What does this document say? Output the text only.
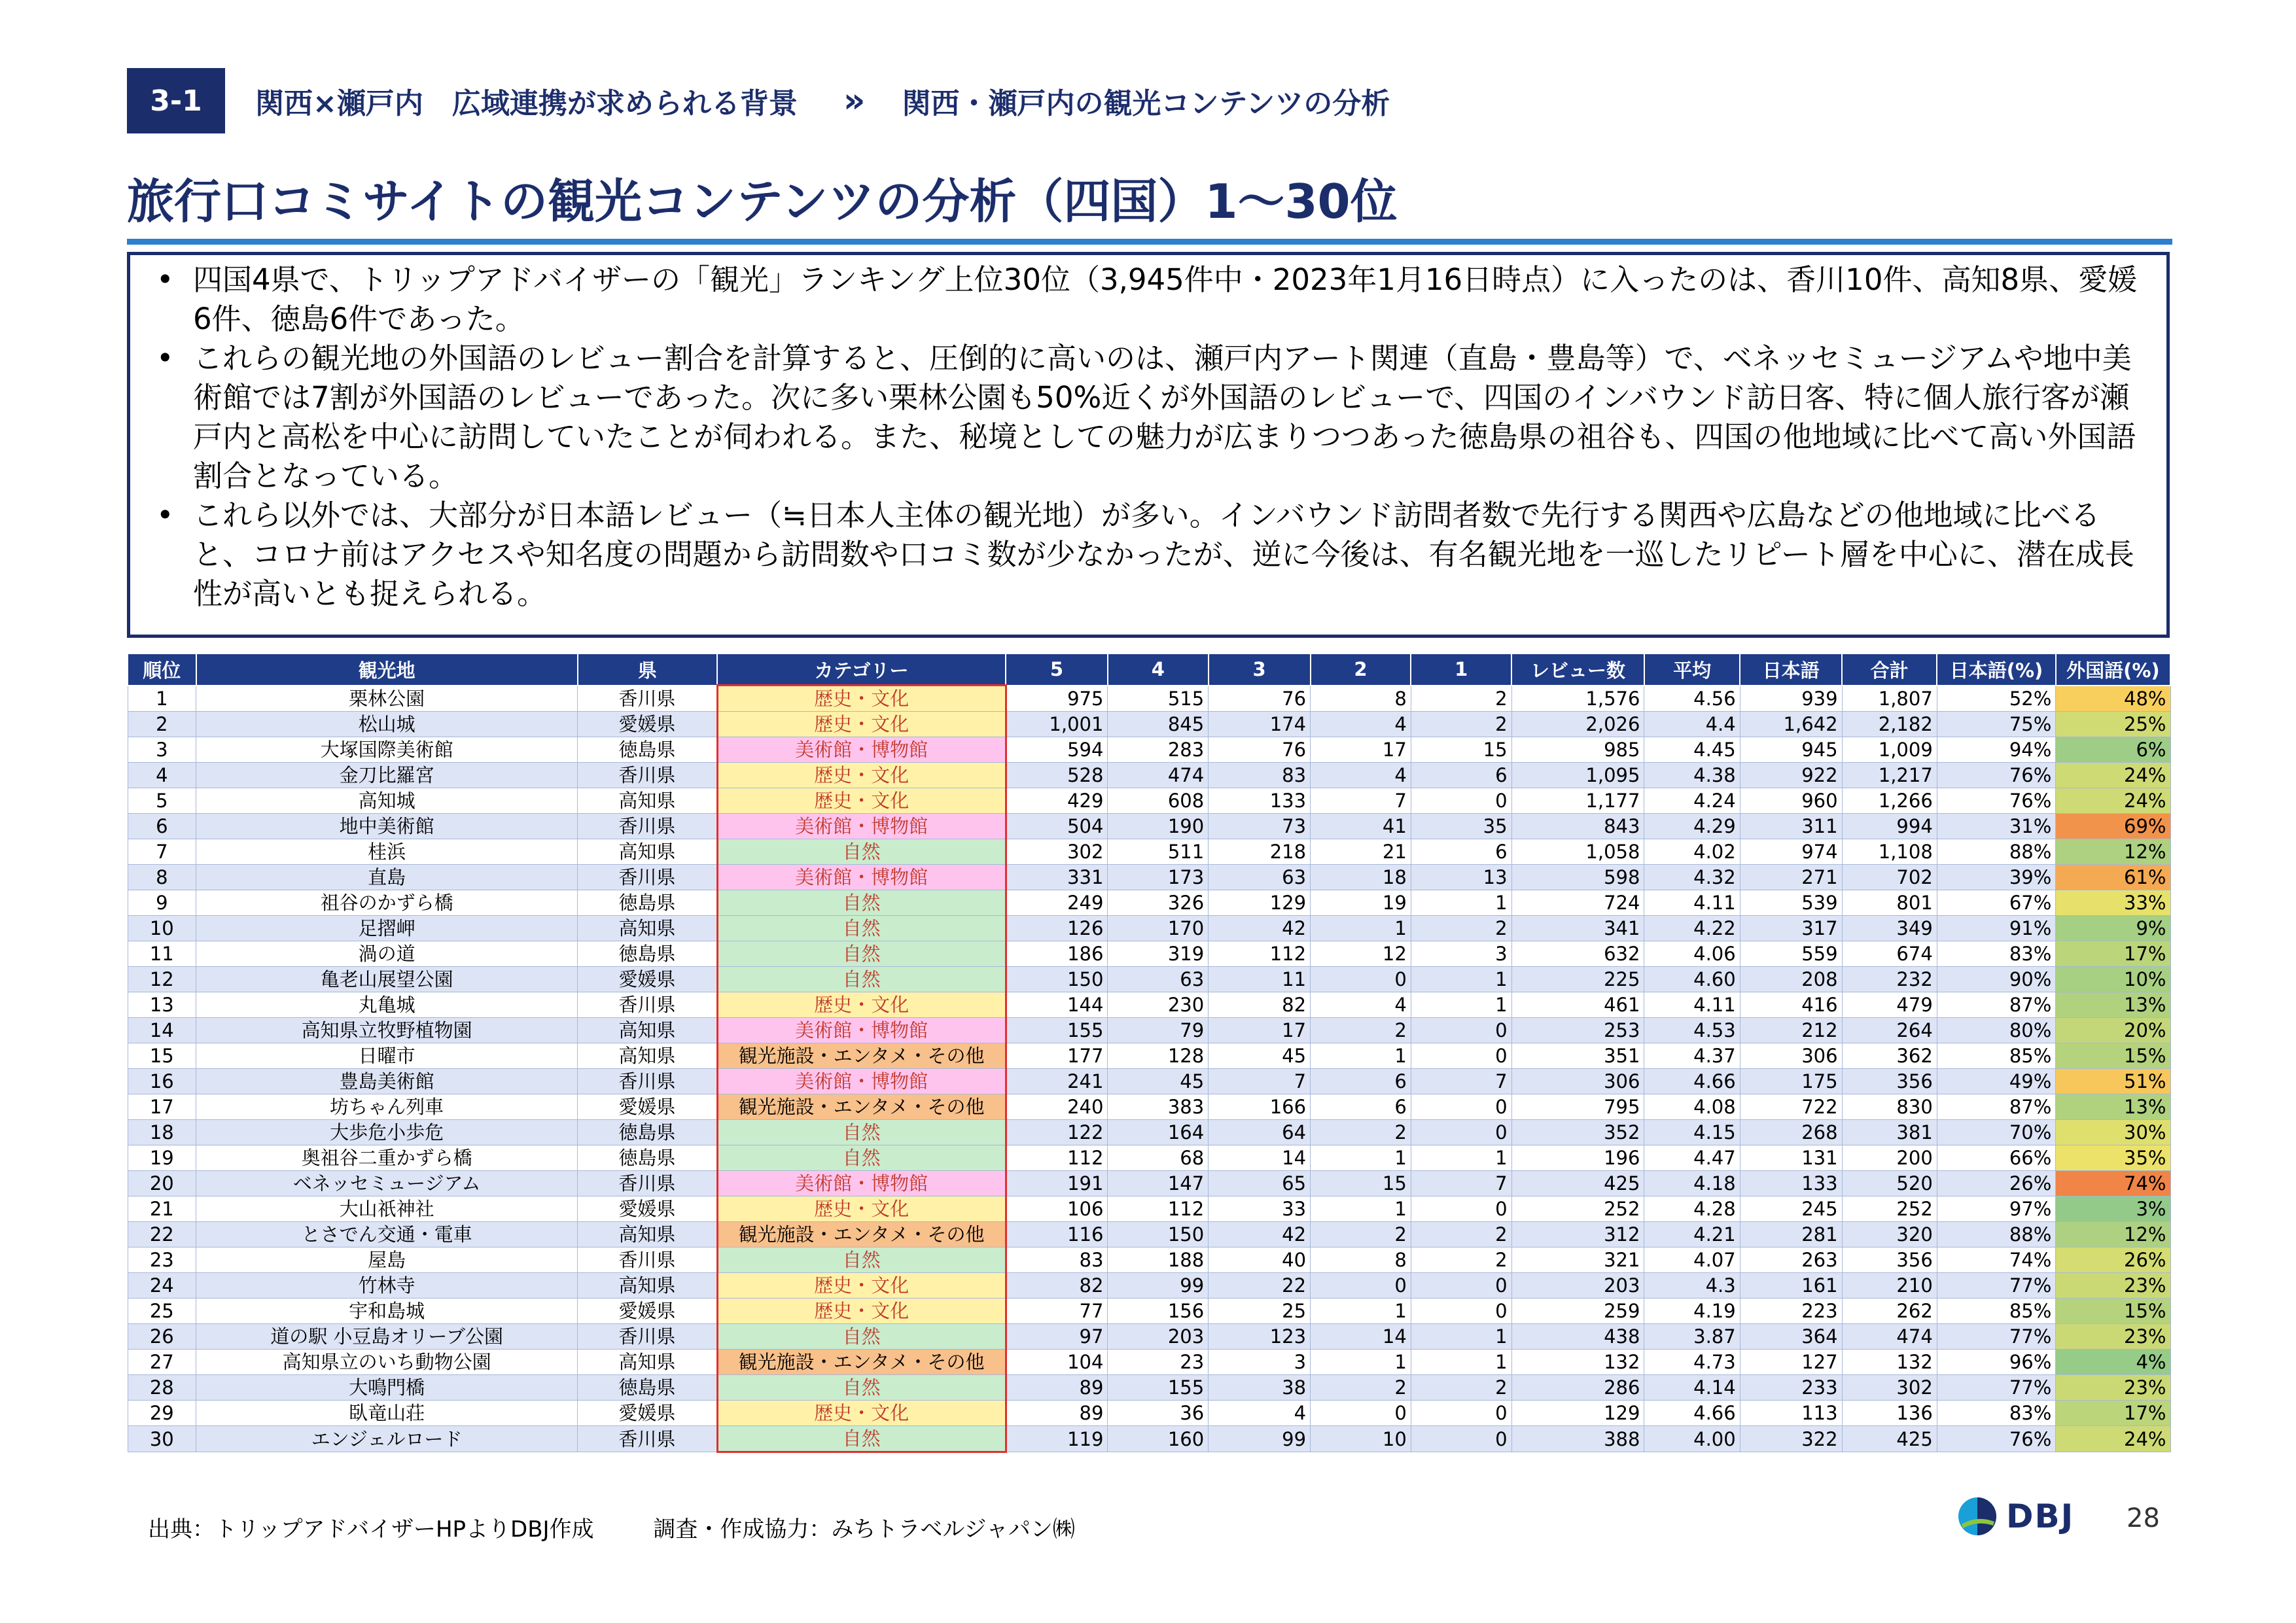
3-1	関西×瀬戸内　広域連携が求められる背景 » 関西・瀬戸内の観光コンテンツの分析
旅行口コミサイトの観光コンテンツの分析（四国）1～30位
• 四国4県で、トリップアドバイザーの「観光」ランキング上位30位（3,945件中・2023年1月16日時点）に入ったのは、香川10件、高知8県、愛媛6件、徳島6件であった。
• これらの観光地の外国語のレビュー割合を計算すると、圧倒的に高いのは、瀬戸内アート関連（直島・豊島等）で、ベネッセミュージアムや地中美術館では7割が外国語のレビューであった。次に多い栗林公園も50%近くが外国語のレビューで、四国のインバウンド訪日客、特に個人旅行客が瀬戸内と高松を中心に訪問していたことが伺われる。また、秘境としての魅力が広まりつつあった徳島県の祖谷も、四国の他地域に比べて高い外国語割合となっている。
• これら以外では、大部分が日本語レビュー（≒日本人主体の観光地）が多い。インバウンド訪問者数で先行する関西や広島などの他地域に比べると、コロナ前はアクセスや知名度の問題から訪問数や口コミ数が少なかったが、逆に今後は、有名観光地を一巡したリピート層を中心に、潜在成長性が高いとも捉えられる。
順位	観光地	県	カテゴリー	5	4	3	2	1	レビュー数	平均	日本語	合計	日本語(%)	外国語(%)
1	栗林公園	香川県	歴史・文化	975	515	76	8	2	1,576	4.56	939	1,807	52%	48%
2	松山城	愛媛県	歴史・文化	1,001	845	174	4	2	2,026	4.4	1,642	2,182	75%	25%
3	大塚国際美術館	徳島県	美術館・博物館	594	283	76	17	15	985	4.45	945	1,009	94%	6%
4	金刀比羅宮	香川県	歴史・文化	528	474	83	4	6	1,095	4.38	922	1,217	76%	24%
5	高知城	高知県	歴史・文化	429	608	133	7	0	1,177	4.24	960	1,266	76%	24%
6	地中美術館	香川県	美術館・博物館	504	190	73	41	35	843	4.29	311	994	31%	69%
7	桂浜	高知県	自然	302	511	218	21	6	1,058	4.02	974	1,108	88%	12%
8	直島	香川県	美術館・博物館	331	173	63	18	13	598	4.32	271	702	39%	61%
9	祖谷のかずら橋	徳島県	自然	249	326	129	19	1	724	4.11	539	801	67%	33%
10	足摺岬	高知県	自然	126	170	42	1	2	341	4.22	317	349	91%	9%
11	渦の道	徳島県	自然	186	319	112	12	3	632	4.06	559	674	83%	17%
12	亀老山展望公園	愛媛県	自然	150	63	11	0	1	225	4.60	208	232	90%	10%
13	丸亀城	香川県	歴史・文化	144	230	82	4	1	461	4.11	416	479	87%	13%
14	高知県立牧野植物園	高知県	美術館・博物館	155	79	17	2	0	253	4.53	212	264	80%	20%
15	日曜市	高知県	観光施設・エンタメ・その他	177	128	45	1	0	351	4.37	306	362	85%	15%
16	豊島美術館	香川県	美術館・博物館	241	45	7	6	7	306	4.66	175	356	49%	51%
17	坊ちゃん列車	愛媛県	観光施設・エンタメ・その他	240	383	166	6	0	795	4.08	722	830	87%	13%
18	大歩危小歩危	徳島県	自然	122	164	64	2	0	352	4.15	268	381	70%	30%
19	奥祖谷二重かずら橋	徳島県	自然	112	68	14	1	1	196	4.47	131	200	66%	35%
20	ベネッセミュージアム	香川県	美術館・博物館	191	147	65	15	7	425	4.18	133	520	26%	74%
21	大山祇神社	愛媛県	歴史・文化	106	112	33	1	0	252	4.28	245	252	97%	3%
22	とさでん交通・電車	高知県	観光施設・エンタメ・その他	116	150	42	2	2	312	4.21	281	320	88%	12%
23	屋島	香川県	自然	83	188	40	8	2	321	4.07	263	356	74%	26%
24	竹林寺	高知県	歴史・文化	82	99	22	0	0	203	4.3	161	210	77%	23%
25	宇和島城	愛媛県	歴史・文化	77	156	25	1	0	259	4.19	223	262	85%	15%
26	道の駅 小豆島オリーブ公園	香川県	自然	97	203	123	14	1	438	3.87	364	474	77%	23%
27	高知県立のいち動物公園	高知県	観光施設・エンタメ・その他	104	23	3	1	1	132	4.73	127	132	96%	4%
28	大鳴門橋	徳島県	自然	89	155	38	2	2	286	4.14	233	302	77%	23%
29	臥竜山荘	愛媛県	歴史・文化	89	36	4	0	0	129	4.66	113	136	83%	17%
30	エンジェルロード	香川県	自然	119	160	99	10	0	388	4.00	322	425	76%	24%
出典：トリップアドバイザーHPよりDBJ作成	調査・作成協力：みちトラベルジャパン㈱	DBJ 28
